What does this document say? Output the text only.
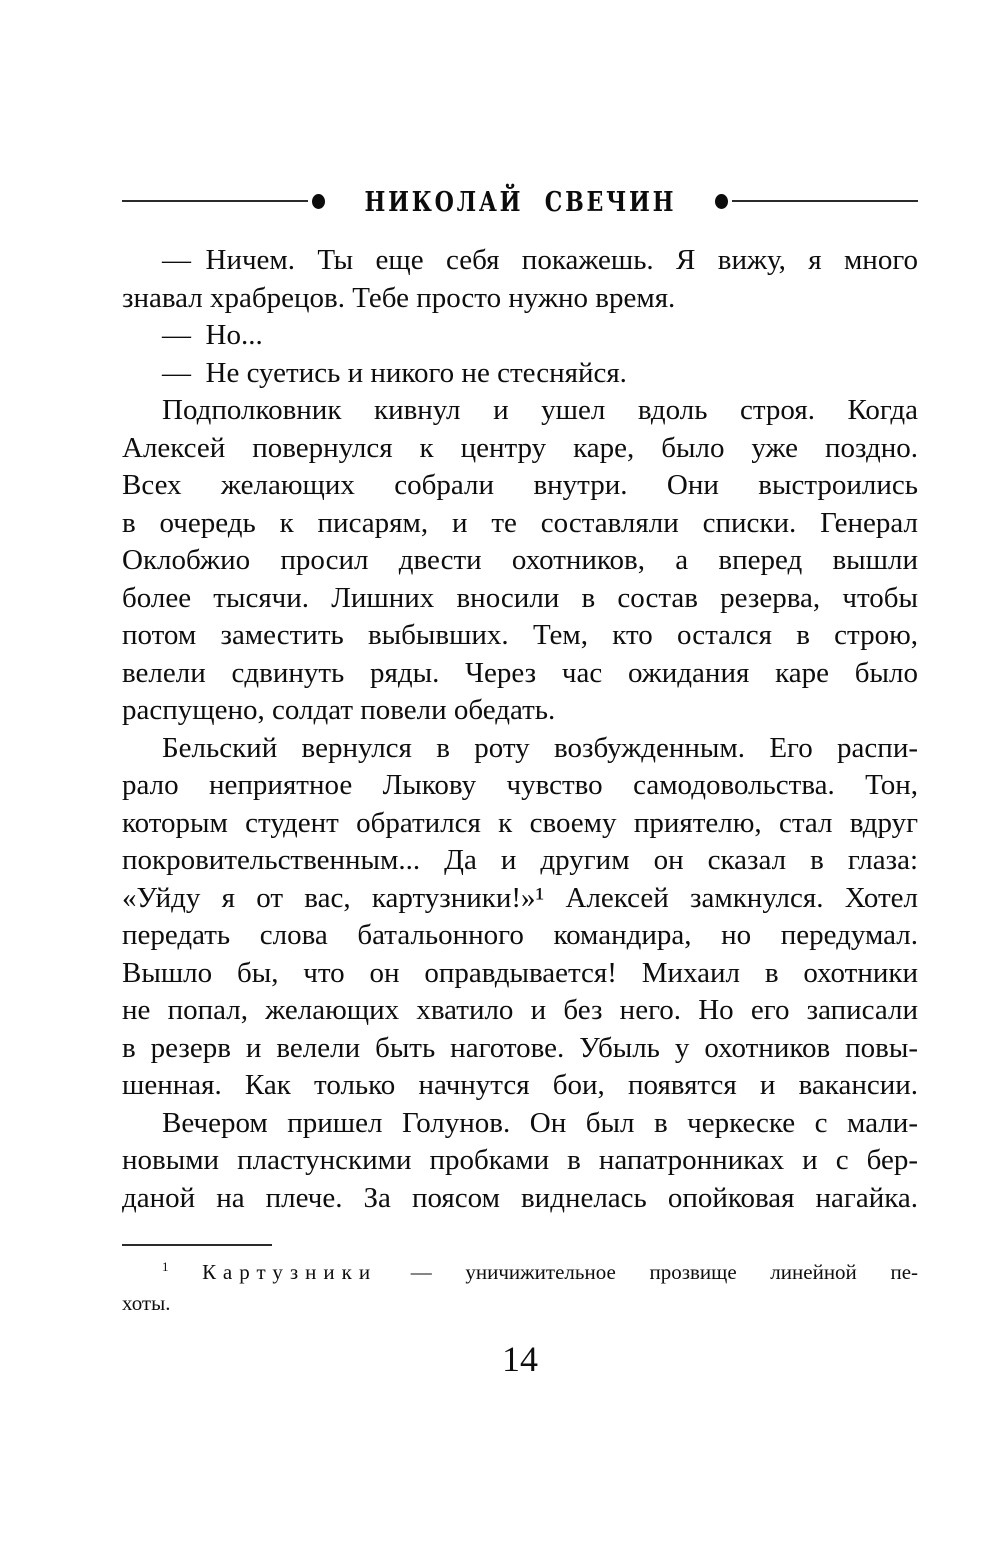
НИКОЛАЙ СВЕЧИН
— Ничем. Ты еще себя покажешь. Я вижу, я много
знавал храбрецов. Тебе просто нужно время.
— Но...
— Не суетись и никого не стесняйся.
Подполковник кивнул и ушел вдоль строя. Когда
Алексей повернулся к центру каре, было уже поздно.
Всех желающих собрали внутри. Они выстроились
в очередь к писарям, и те составляли списки. Генерал
Оклобжио просил двести охотников, а вперед вышли
более тысячи. Лишних вносили в состав резерва, чтобы
потом заместить выбывших. Тем, кто остался в строю,
велели сдвинуть ряды. Через час ожидания каре было
распущено, солдат повели обедать.
Бельский вернулся в роту возбужденным. Его распи-
рало неприятное Лыкову чувство самодовольства. Тон,
которым студент обратился к своему приятелю, стал вдруг
покровительственным... Да и другим он сказал в глаза:
«Уйду я от вас, картузники!»¹ Алексей замкнулся. Хотел
передать слова батальонного командира, но передумал.
Вышло бы, что он оправдывается! Михаил в охотники
не попал, желающих хватило и без него. Но его записали
в резерв и велели быть наготове. Убыль у охотников повы-
шенная. Как только начнутся бои, появятся и вакансии.
Вечером пришел Голунов. Он был в черкеске с мали-
новыми пластунскими пробками в напатронниках и с бер-
даной на плече. За поясом виднелась опойковая нагайка.
$^1$ Картузники — уничижительное прозвище линейной пе-
хоты.
14
